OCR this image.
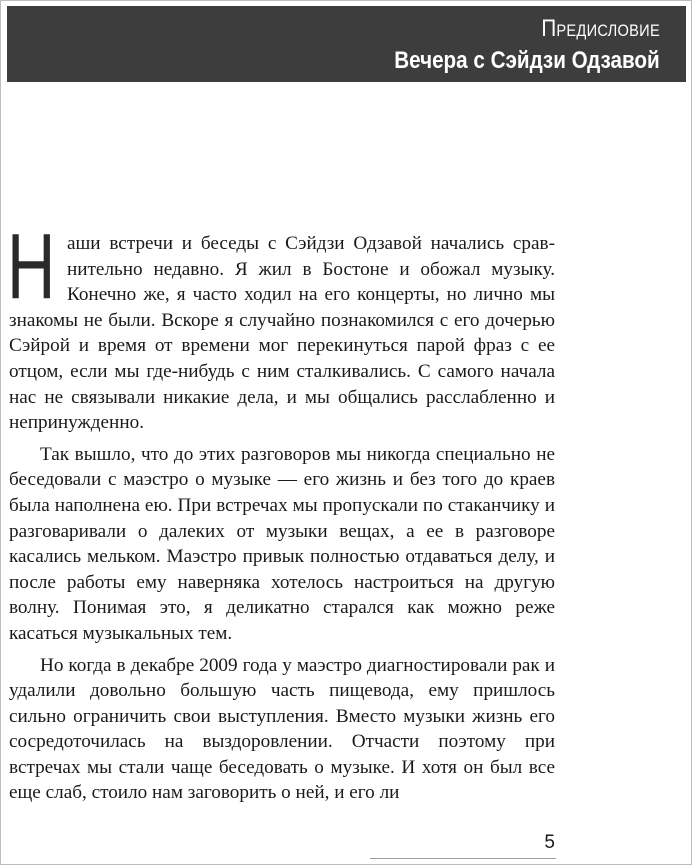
Предисловие
Вечера с Сэйдзи Одзавой

Наши встречи и беседы с Сэйдзи Одзавой начались сравнительно недавно. Я жил в Бостоне и обожал музыку. Конечно же, я часто ходил на его концерты, но лично мы знакомы не были. Вскоре я случайно познакомился с его дочерью Сэйрой и время от времени мог перекинуться парой фраз с ее отцом, если мы где-нибудь с ним сталкивались. С самого начала нас не связывали никакие дела, и мы общались расслабленно и непринужденно.

Так вышло, что до этих разговоров мы никогда специально не беседовали с маэстро о музыке — его жизнь и без того до краев была наполнена ею. При встречах мы пропускали по стаканчику и разговаривали о далеких от музыки вещах, а ее в разговоре касались мельком. Маэстро привык полностью отдаваться делу, и после работы ему наверняка хотелось настроиться на другую волну. Понимая это, я деликатно старался как можно реже касаться музыкальных тем.

Но когда в декабре 2009 года у маэстро диагностировали рак и удалили довольно большую часть пищевода, ему пришлось сильно ограничить свои выступления. Вместо музыки жизнь его сосредоточилась на выздоровлении. Отчасти поэтому при встречах мы стали чаще беседовать о музыке. И хотя он был все еще слаб, стоило нам заговорить о ней, и его ли

5
